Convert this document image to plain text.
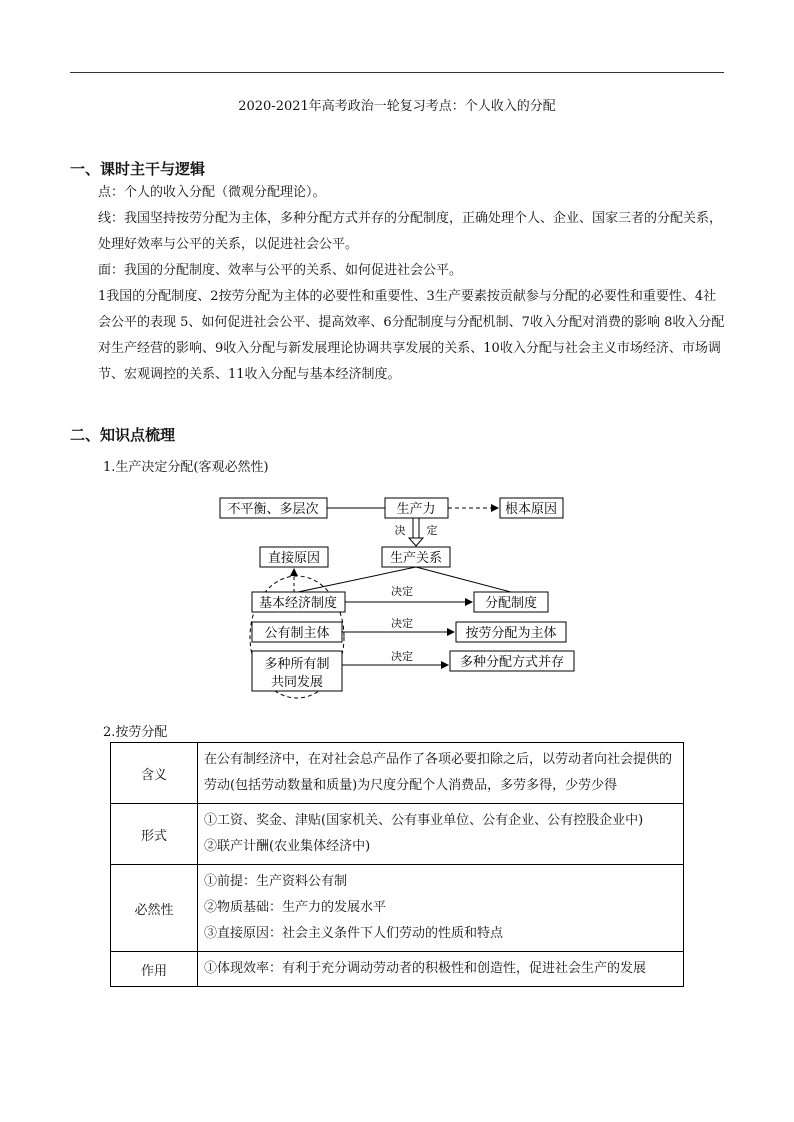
2020-2021年高考政治一轮复习考点：个人收入的分配
一、课时主干与逻辑
点：个人的收入分配（微观分配理论）。
线：我国坚持按劳分配为主体，多种分配方式并存的分配制度，正确处理个人、企业、国家三者的分配关系，处理好效率与公平的关系，以促进社会公平。
面：我国的分配制度、效率与公平的关系、如何促进社会公平。
1我国的分配制度、2按劳分配为主体的必要性和重要性、3生产要素按贡献参与分配的必要性和重要性、4社会公平的表现 5、如何促进社会公平、提高效率、6分配制度与分配机制、7收入分配对消费的影响 8收入分配对生产经营的影响、9收入分配与新发展理论协调共享发展的关系、10收入分配与社会主义市场经济、市场调节、宏观调控的关系、11收入分配与基本经济制度。
二、知识点梳理
1.生产决定分配(客观必然性)
不平衡、多层次	生产力	根本原因
直接原因	生产关系
基本经济制度	分配制度
公有制主体	按劳分配为主体
多种所有制
共同发展
多种分配方式并存
决 定
决定
决定
决定
2.按劳分配
含义	在公有制经济中，在对社会总产品作了各项必要扣除之后，以劳动者向社会提供的劳动(包括劳动数量和质量)为尺度分配个人消费品，多劳多得，少劳少得

形式	①工资、奖金、津贴(国家机关、公有事业单位、公有企业、公有控股企业中)
②联产计酬(农业集体经济中)

必然性	①前提：生产资料公有制
②物质基础：生产力的发展水平
③直接原因：社会主义条件下人们劳动的性质和特点

作用	①体现效率：有利于充分调动劳动者的积极性和创造性，促进社会生产的发展
